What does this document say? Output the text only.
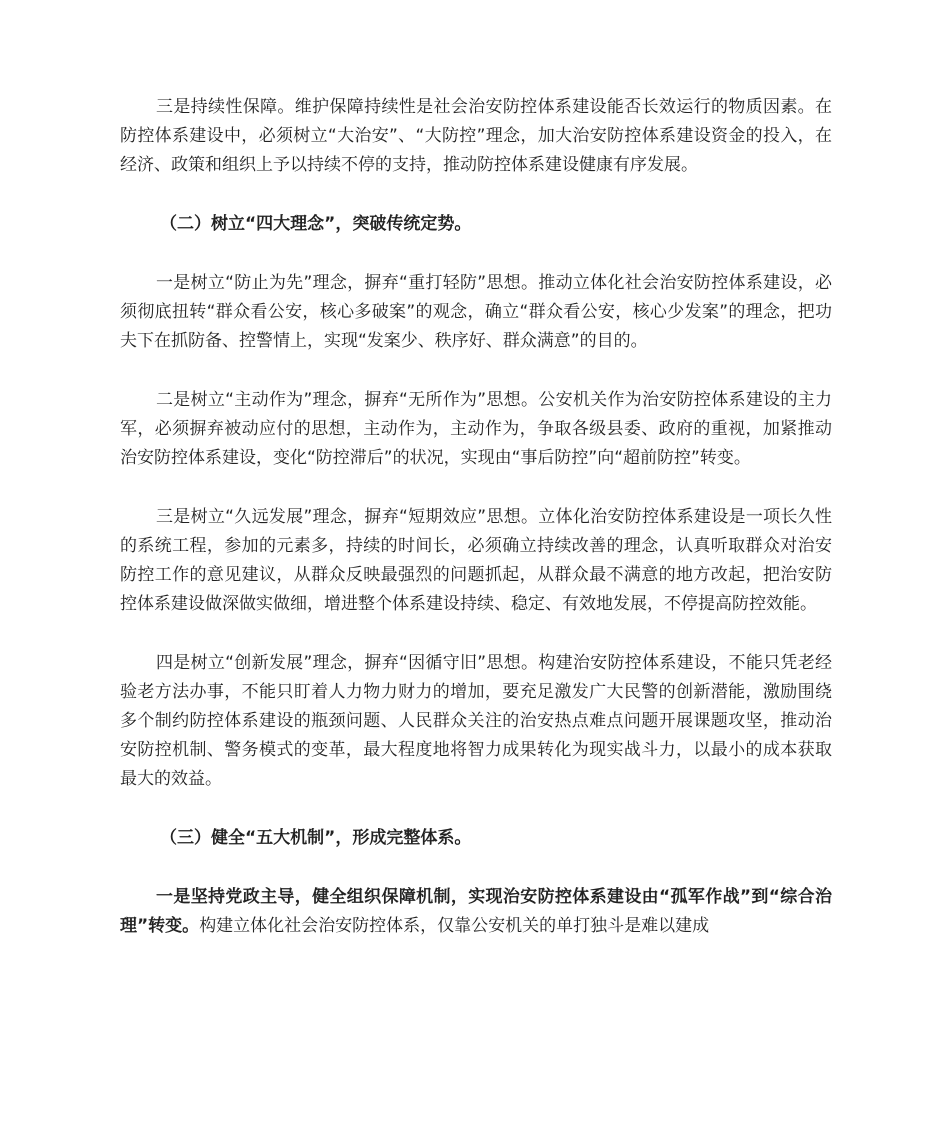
三是持续性保障。维护保障持续性是社会治安防控体系建设能否长效运行的物质因素。在防控体系建设中，必须树立“大治安”、“大防控”理念，加大治安防控体系建设资金的投入，在经济、政策和组织上予以持续不停的支持，推动防控体系建设健康有序发展。

（二）树立“四大理念”，突破传统定势。

一是树立“防止为先”理念，摒弃“重打轻防”思想。推动立体化社会治安防控体系建设，必须彻底扭转“群众看公安，核心多破案”的观念，确立“群众看公安，核心少发案”的理念，把功夫下在抓防备、控警情上，实现“发案少、秩序好、群众满意”的目的。

二是树立“主动作为”理念，摒弃“无所作为”思想。公安机关作为治安防控体系建设的主力军，必须摒弃被动应付的思想，主动作为，主动作为，争取各级县委、政府的重视，加紧推动治安防控体系建设，变化“防控滞后”的状况，实现由“事后防控”向“超前防控”转变。

三是树立“久远发展”理念，摒弃“短期效应”思想。立体化治安防控体系建设是一项长久性的系统工程，参加的元素多，持续的时间长，必须确立持续改善的理念，认真听取群众对治安防控工作的意见建议，从群众反映最强烈的问题抓起，从群众最不满意的地方改起，把治安防控体系建设做深做实做细，增进整个体系建设持续、稳定、有效地发展，不停提高防控效能。

四是树立“创新发展”理念，摒弃“因循守旧”思想。构建治安防控体系建设，不能只凭老经验老方法办事，不能只盯着人力物力财力的增加，要充足激发广大民警的创新潜能，激励围绕多个制约防控体系建设的瓶颈问题、人民群众关注的治安热点难点问题开展课题攻坚，推动治安防控机制、警务模式的变革，最大程度地将智力成果转化为现实战斗力，以最小的成本获取最大的效益。

（三）健全“五大机制”，形成完整体系。

一是坚持党政主导，健全组织保障机制，实现治安防控体系建设由“孤军作战”到“综合治理”转变。构建立体化社会治安防控体系，仅靠公安机关的单打独斗是难以建成
